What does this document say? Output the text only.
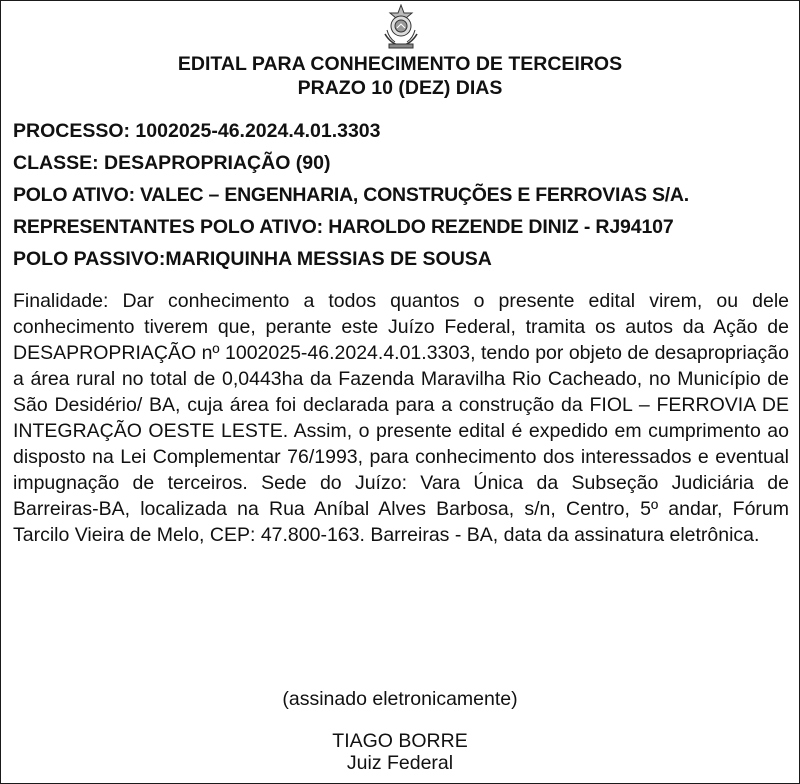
EDITAL PARA CONHECIMENTO DE TERCEIROS
PRAZO 10 (DEZ) DIAS
PROCESSO: 1002025-46.2024.4.01.3303
CLASSE: DESAPROPRIAÇÃO (90)
POLO ATIVO: VALEC – ENGENHARIA, CONSTRUÇÕES E FERROVIAS S/A.
REPRESENTANTES POLO ATIVO: HAROLDO REZENDE DINIZ - RJ94107
POLO PASSIVO:MARIQUINHA MESSIAS DE SOUSA

Finalidade: Dar conhecimento a todos quantos o presente edital virem, ou dele conhecimento tiverem que, perante este Juízo Federal, tramita os autos da Ação de DESAPROPRIAÇÃO nº 1002025-46.2024.4.01.3303, tendo por objeto de desapropriação a área rural no total de 0,0443ha da Fazenda Maravilha Rio Cacheado, no Município de São Desidério/ BA, cuja área foi declarada para a construção da FIOL – FERROVIA DE INTEGRAÇÃO OESTE LESTE. Assim, o presente edital é expedido em cumprimento ao disposto na Lei Complementar 76/1993, para conhecimento dos interessados e eventual impugnação de terceiros. Sede do Juízo: Vara Única da Subseção Judiciária de Barreiras-BA, localizada na Rua Aníbal Alves Barbosa, s/n, Centro, 5º andar, Fórum Tarcilo Vieira de Melo, CEP: 47.800-163. Barreiras - BA, data da assinatura eletrônica.

(assinado eletronicamente)
TIAGO BORRE
Juiz Federal
